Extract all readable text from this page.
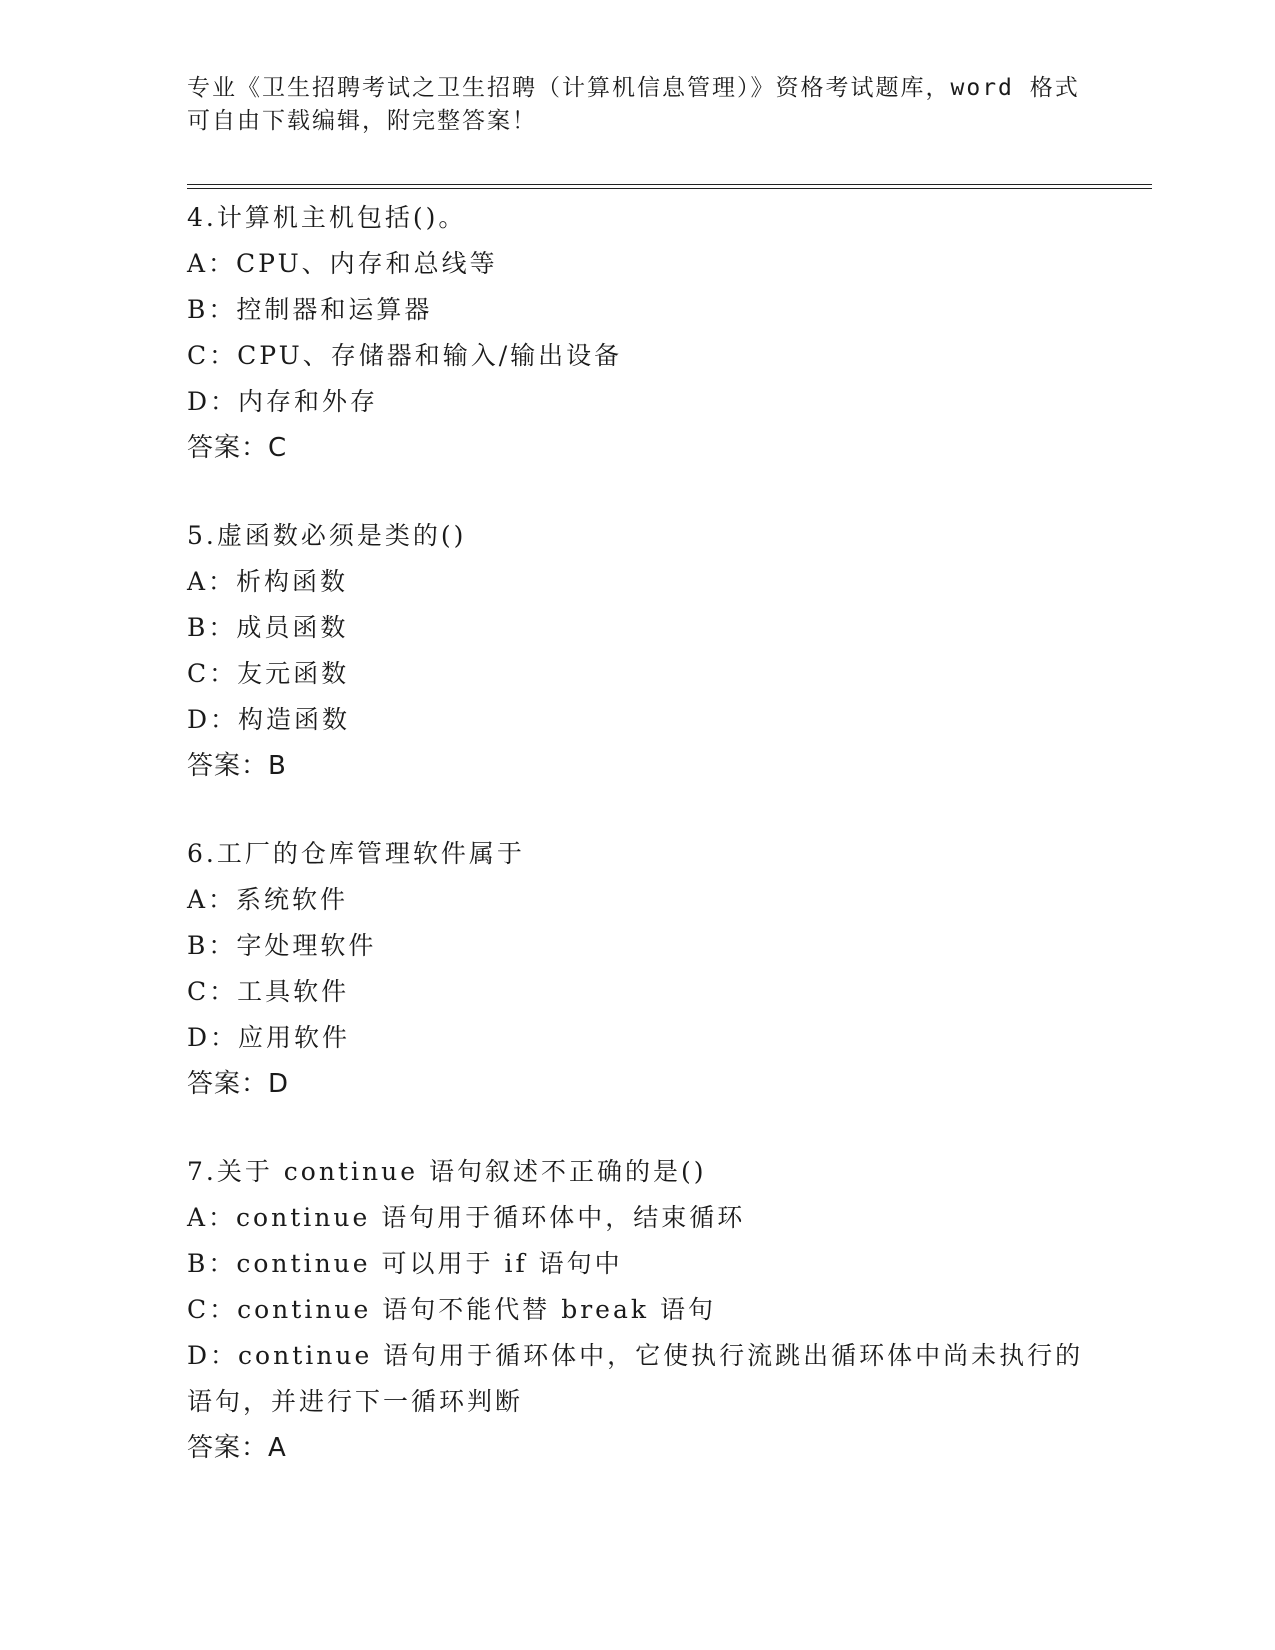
专业《卫生招聘考试之卫生招聘（计算机信息管理）》资格考试题库，word 格式
可自由下载编辑，附完整答案！
4.计算机主机包括()。
A：CPU、内存和总线等
B：控制器和运算器
C：CPU、存储器和输入/输出设备
D：内存和外存
答案：C
5.虚函数必须是类的()
A：析构函数
B：成员函数
C：友元函数
D：构造函数
答案：B
6.工厂的仓库管理软件属于
A：系统软件
B：字处理软件
C：工具软件
D：应用软件
答案：D
7.关于 continue 语句叙述不正确的是()
A：continue 语句用于循环体中，结束循环
B：continue 可以用于 if 语句中
C：continue 语句不能代替 break 语句
D：continue 语句用于循环体中，它使执行流跳出循环体中尚未执行的语句，并进行下一循环判断
答案：A
